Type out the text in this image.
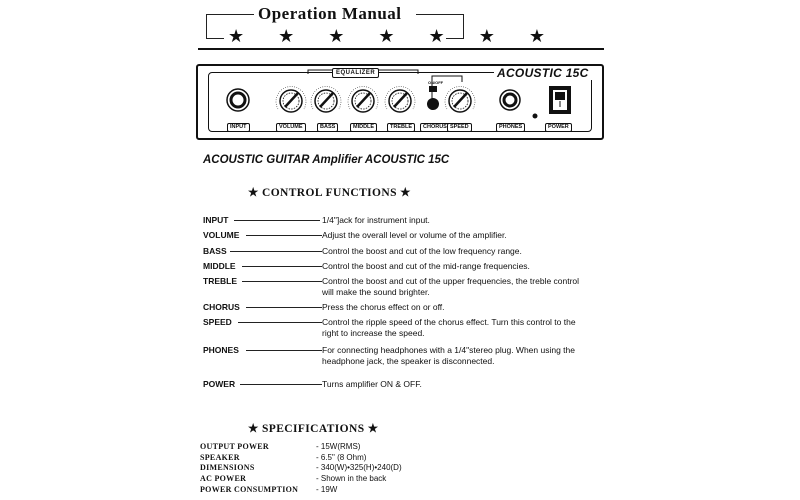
Operation Manual
★ ★ ★ ★ ★ ★ ★
EQUALIZER	ACOUSTIC 15C
INPUT	VOLUME	BASS	MIDDLE	TREBLE	CHORUS SPEED	PHONES	POWER
ON/OFF
ACOUSTIC GUITAR Amplifier ACOUSTIC 15C
★ CONTROL FUNCTIONS ★
INPUT	1/4"]ack for instrument input.
VOLUME	Adjust the overall level or volume of the amplifier.
BASS	Control the boost and cut of the low frequency range.
MIDDLE	Control the boost and cut of the mid-range frequencies.
TREBLE	Control the boost and cut of the upper frequencies, the treble control will make the sound brighter.
CHORUS	Press the chorus effect on or off.
SPEED	Control the ripple speed of the chorus effect. Turn this control to the right to increase the speed.
PHONES	For connecting headphones with a 1/4"stereo plug. When using the headphone jack, the speaker is disconnected.
POWER	Turns amplifier ON & OFF.
★ SPECIFICATIONS ★
OUTPUT POWER	- 15W(RMS)
SPEAKER	- 6.5" (8 Ohm)
DIMENSIONS	- 340(W)•325(H)•240(D)
AC POWER	- Shown in the back
POWER CONSUMPTION - 19W
